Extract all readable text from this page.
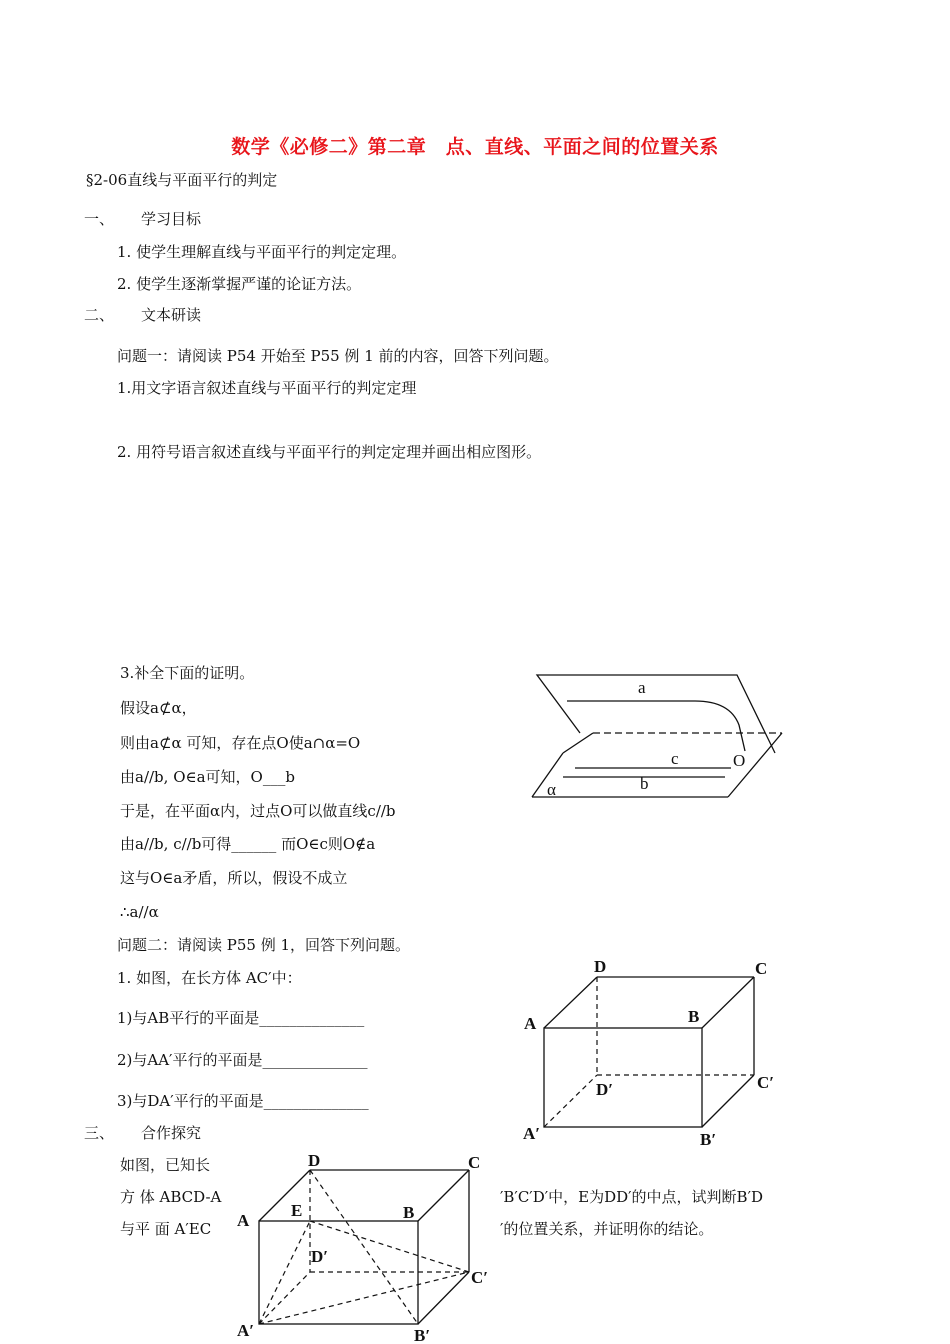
数学《必修二》第二章　点、直线、平面之间的位置关系
§2-06直线与平面平行的判定
一、 学习目标
1. 使学生理解直线与平面平行的判定定理。
2. 使学生逐渐掌握严谨的论证方法。
二、 文本研读
问题一：请阅读 P54 开始至 P55 例 1 前的内容，回答下列问题。
1.用文字语言叙述直线与平面平行的判定定理
2. 用符号语言叙述直线与平面平行的判定定理并画出相应图形。
3.补全下面的证明。
假设a⊄α，
则由a⊄α 可知，存在点O使a∩α=O
由a//b, O∈a可知，O___b
于是，在平面α内，过点O可以做直线c//b
由a//b, c//b可得______ 而O∈c则O∉a
这与O∈a矛盾，所以，假设不成立
∴a//α
问题二：请阅读 P55 例 1，回答下列问题。
1. 如图，在长方体 AC′中：
1)与AB平行的平面是______________
2)与AA′平行的平面是______________
3)与DA′平行的平面是______________
三、 合作探究
如图，已知长
方 体 ABCD-A
与平 面 A′EC
′B′C′D′中，E为DD′的中点，试判断B′D
′的位置关系，并证明你的结论。
a
c
b
O
α
D	C
A	B
D′	C′
A′	B′
D	C
A
E	B
D′
C′
A′	B′
